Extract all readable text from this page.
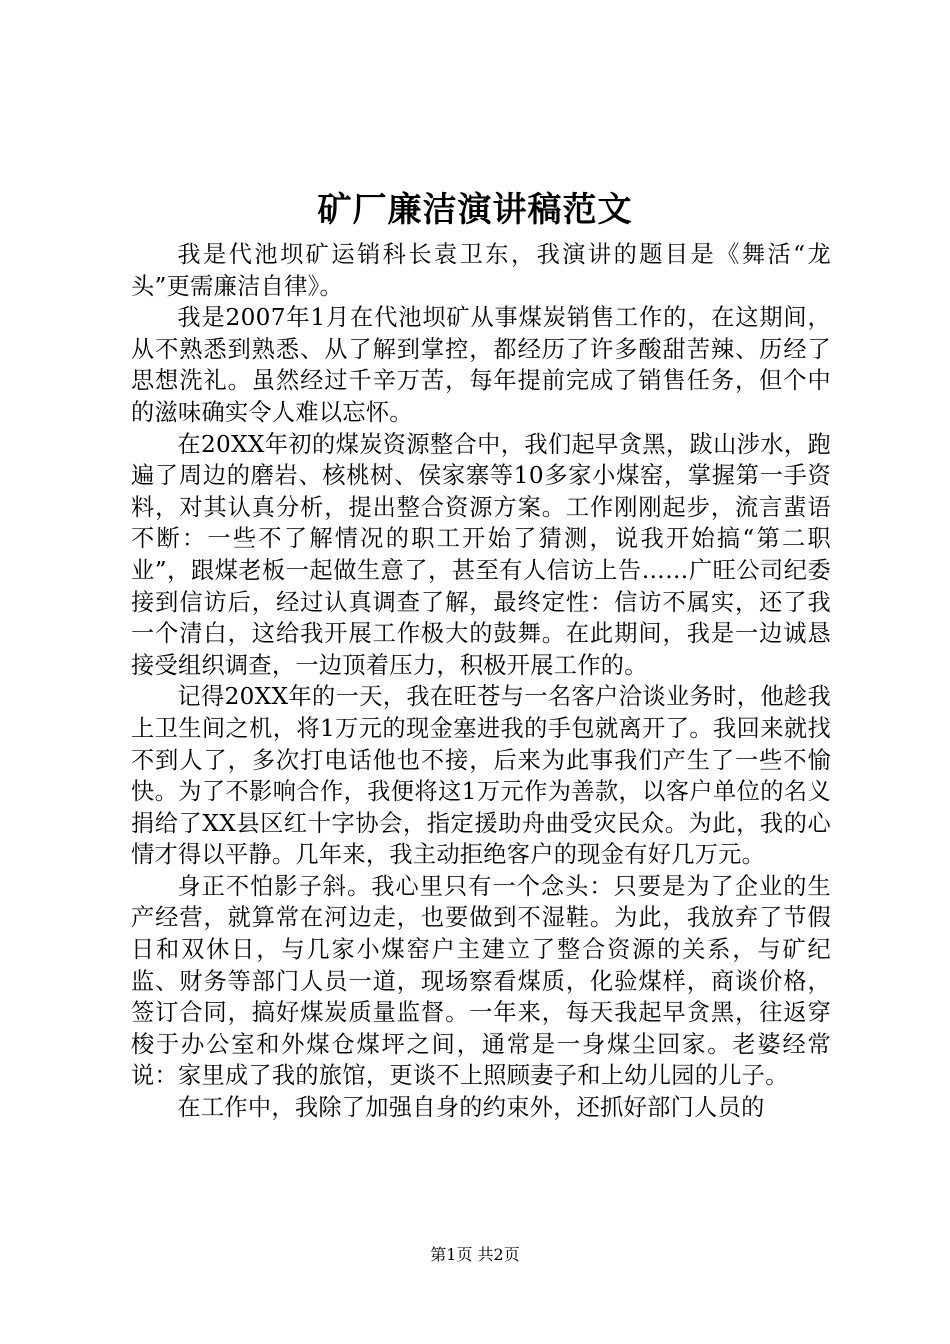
矿厂廉洁演讲稿范文

我是代池坝矿运销科长袁卫东，我演讲的题目是《舞活“龙头”更需廉洁自律》。

我是2007年1月在代池坝矿从事煤炭销售工作的，在这期间，从不熟悉到熟悉、从了解到掌控，都经历了许多酸甜苦辣、历经了思想洗礼。虽然经过千辛万苦，每年提前完成了销售任务，但个中的滋味确实令人难以忘怀。

在20XX年初的煤炭资源整合中，我们起早贪黑，跋山涉水，跑遍了周边的磨岩、核桃树、侯家寨等10多家小煤窑，掌握第一手资料，对其认真分析，提出整合资源方案。工作刚刚起步，流言蜚语不断：一些不了解情况的职工开始了猜测，说我开始搞“第二职业”，跟煤老板一起做生意了，甚至有人信访上告……广旺公司纪委接到信访后，经过认真调查了解，最终定性：信访不属实，还了我一个清白，这给我开展工作极大的鼓舞。在此期间，我是一边诚恳接受组织调查，一边顶着压力，积极开展工作的。

记得20XX年的一天，我在旺苍与一名客户洽谈业务时，他趁我上卫生间之机，将1万元的现金塞进我的手包就离开了。我回来就找不到人了，多次打电话他也不接，后来为此事我们产生了一些不愉快。为了不影响合作，我便将这1万元作为善款，以客户单位的名义捐给了XX县区红十字协会，指定援助舟曲受灾民众。为此，我的心情才得以平静。几年来，我主动拒绝客户的现金有好几万元。

身正不怕影子斜。我心里只有一个念头：只要是为了企业的生产经营，就算常在河边走，也要做到不湿鞋。为此，我放弃了节假日和双休日，与几家小煤窑户主建立了整合资源的关系，与矿纪监、财务等部门人员一道，现场察看煤质，化验煤样，商谈价格，签订合同，搞好煤炭质量监督。一年来，每天我起早贪黑，往返穿梭于办公室和外煤仓煤坪之间，通常是一身煤尘回家。老婆经常说：家里成了我的旅馆，更谈不上照顾妻子和上幼儿园的儿子。

在工作中，我除了加强自身的约束外，还抓好部门人员的

第1页 共2页
